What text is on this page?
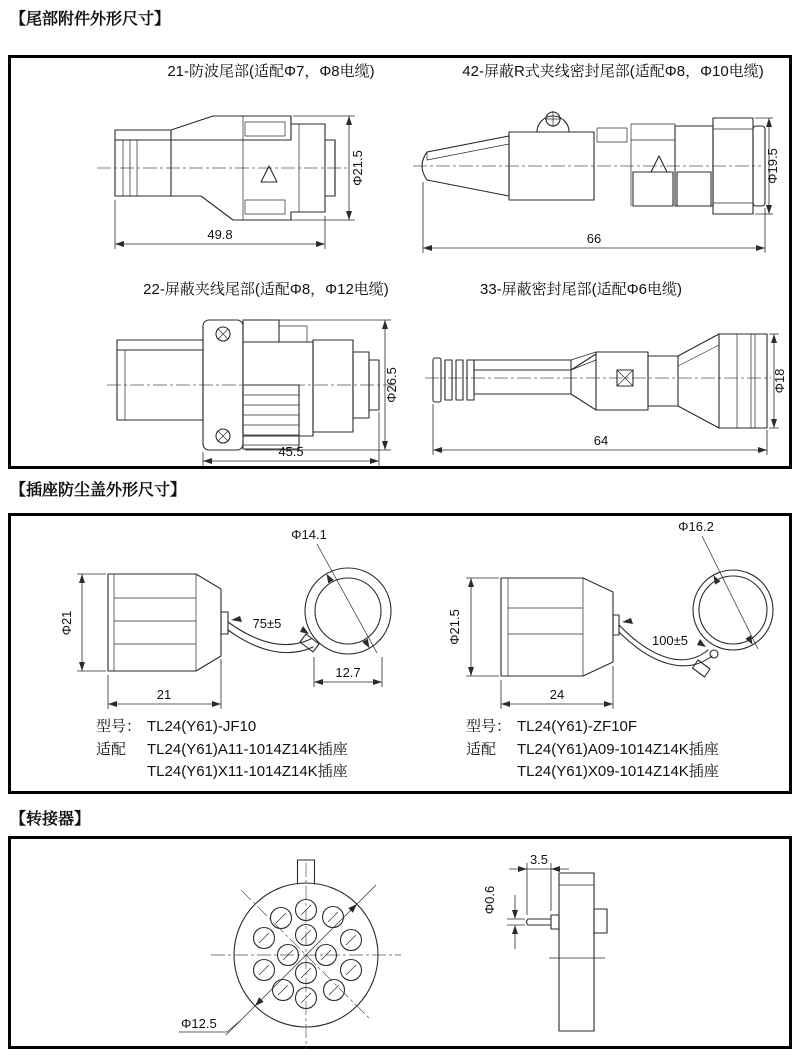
【尾部附件外形尺寸】
21-防波尾部(适配Φ7，Φ8电缆)	42-屏蔽R式夹线密封尾部(适配Φ8，Φ10电缆)
Φ21.5
49.8
Φ19.5
66
22-屏蔽夹线尾部(适配Φ8，Φ12电缆)	33-屏蔽密封尾部(适配Φ6电缆)
Φ26.5
45.5
Φ18
64
【插座防尘盖外形尺寸】
Φ14.1
75±5
12.7
Φ21
21
Φ16.2
100±5
Φ21.5
24
型号： TL24(Y61)-JF10
适配	TL24(Y61)A11-1014Z14K插座
TL24(Y61)X11-1014Z14K插座
型号： TL24(Y61)-ZF10F
适配	TL24(Y61)A09-1014Z14K插座
TL24(Y61)X09-1014Z14K插座
【转接器】
Φ12.5
3.5
Φ0.6
